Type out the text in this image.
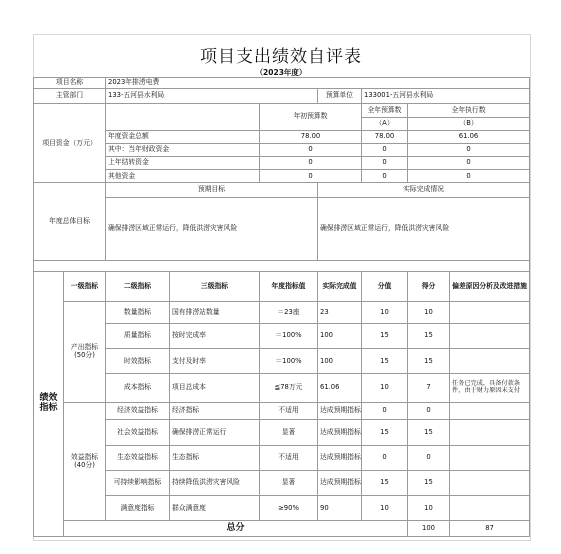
项目支出绩效自评表
（2023年度）
项目名称		2023年排涝电费							
主管部门		133-五河县水利局			预算单位	133001-五河县水利局			
项目资金（万元）				年初预算数		全年预算数	全年执行数	
						（A）	（B）	
		年度资金总额		78.00		78.00	61.06	
		其中：当年财政资金		0		0	0	
		上年结转资金		0		0	0	
		其他资金		0		0	0	
年度总体目标		预期目标			实际完成情况				
		确保排涝区域正常运行，降低洪涝灾害风险			确保排涝区域正常运行，降低洪涝灾害风险				

绩效指标	一级指标	二级指标	三级指标	年度指标值	实际完成值	分值	得分	偏差原因分析及改进措施	
	产出指标 (50分)	数量指标	国有排涝站数量	＝23座	23	10	10		
		质量指标	按时完成率	＝100%	100	15	15		
		时效指标	支付及时率	＝100%	100	15	15		
		成本指标	项目总成本	≦78万元	61.06	10	7	任务已完成，具备付款条件，由于财力原因未支付	
	效益指标 (40分)	经济效益指标	经济指标	不适用	达成预期指标	0	0		
		社会效益指标	确保排涝正常运行	显著	达成预期指标	15	15		
		生态效益指标	生态指标	不适用	达成预期指标	0	0		
		可持续影响指标	持续降低洪涝灾害风险	显著	达成预期指标	15	15		
		满意度指标	群众满意度	≥90%	90	10	10		
	总分						100	87	
